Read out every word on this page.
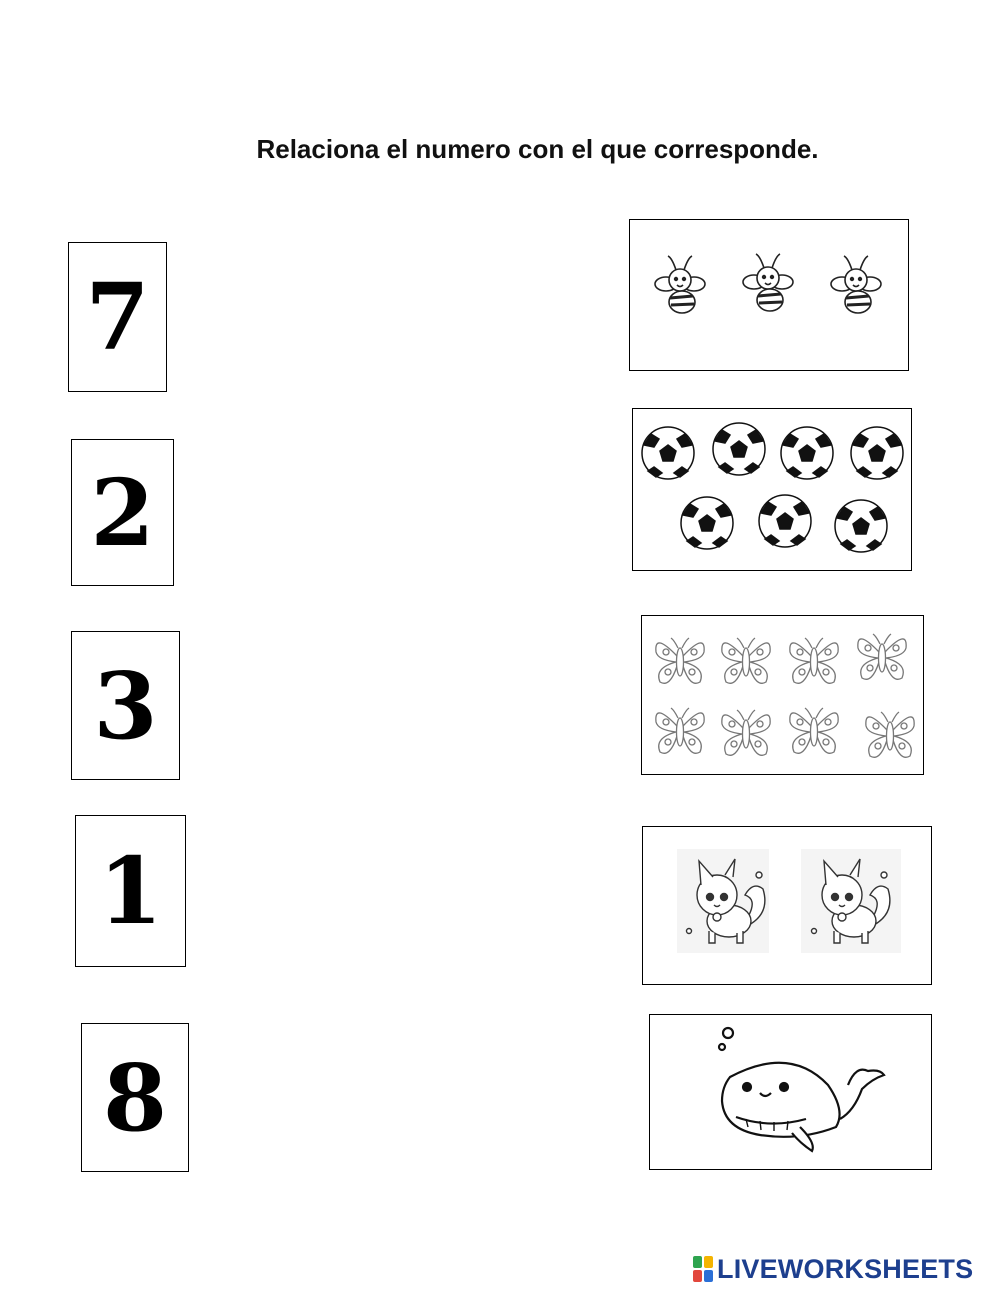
Relaciona el numero con el que corresponde.
7
2
3
1
8
LIVEWORKSHEETS
